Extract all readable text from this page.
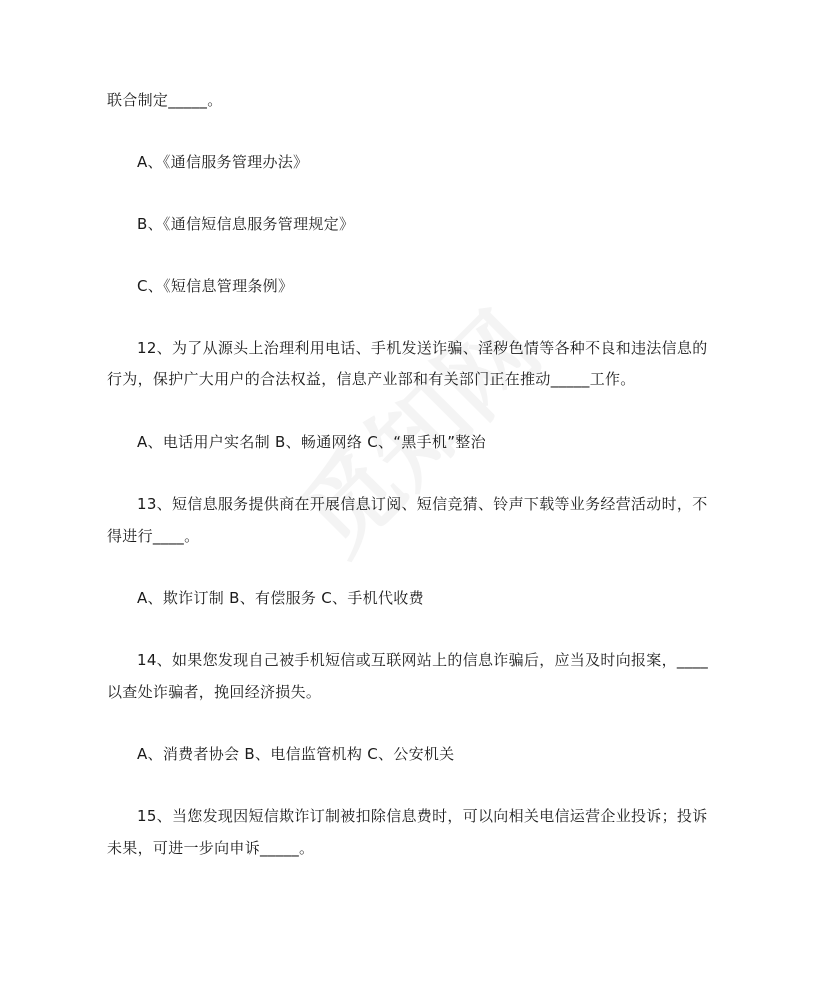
联合制定_____。

A、《通信服务管理办法》

B、《通信短信息服务管理规定》

C、《短信息管理条例》

12、为了从源头上治理利用电话、手机发送诈骗、淫秽色情等各种不良和违法信息的

行为，保护广大用户的合法权益，信息产业部和有关部门正在推动_____工作。

A、电话用户实名制 B、畅通网络 C、“黑手机”整治

13、短信息服务提供商在开展信息订阅、短信竞猜、铃声下载等业务经营活动时，不

得进行____。

A、欺诈订制 B、有偿服务 C、手机代收费

14、如果您发现自己被手机短信或互联网站上的信息诈骗后，应当及时向报案，____

以查处诈骗者，挽回经济损失。

A、消费者协会 B、电信监管机构 C、公安机关

15、当您发现因短信欺诈订制被扣除信息费时，可以向相关电信运营企业投诉；投诉

未果，可进一步向申诉_____。
